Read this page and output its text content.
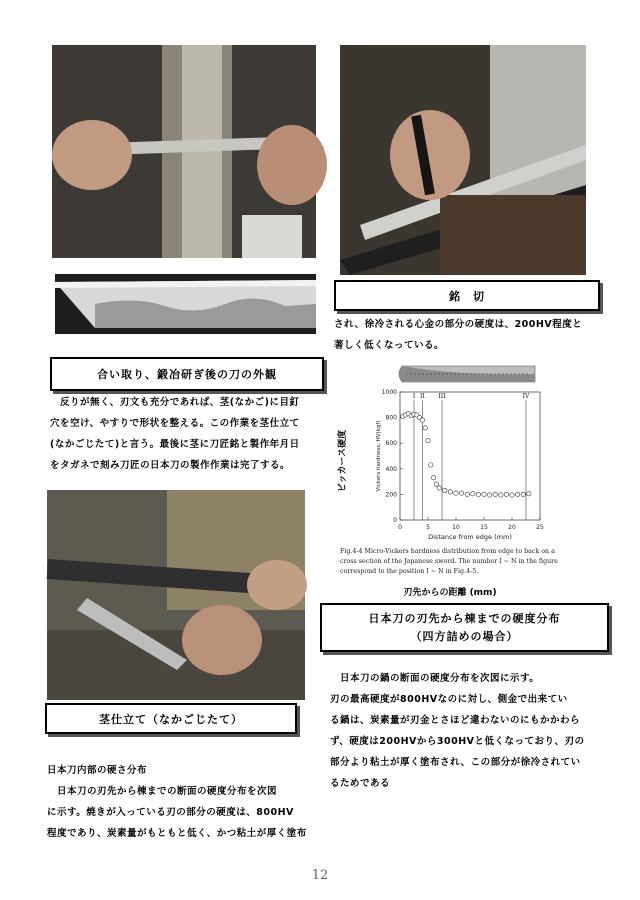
合い取り、鍛冶研ぎ後の刀の外観
　反りが無く、刃文も充分であれば、茎(なかご)に目釘
穴を空け、やすりで形状を整える。この作業を茎仕立て
(なかごじたて)と言う。最後に茎に刀匠銘と製作年月日
をタガネで刻み刀匠の日本刀の製作作業は完了する。
茎仕立て（なかごじたて）
日本刀内部の硬さ分布
　日本刀の刃先から棟までの断面の硬度分布を次図
に示す。焼きが入っている刃の部分の硬度は、800HV
程度であり、炭素量がもともと低く、かつ粘土が厚く塗布
銘　切
され、徐冷される心金の部分の硬度は、200HV程度と
著しく低くなっている。
0	5	10	15	20	25
0
200
400
600
800
1000
I II III	IV
Distance from edge (mm)
Vickers hardness, HV(kgf)
ビッカース硬度
Fig.4-4 Micro-Vickers hardness distribution from edge to back on a
cross section of the Japanese sword. The number I ~ N in the figure
correspond to the position I ~ N in Fig.4-5.
刃先からの距離 (mm)
日本刀の刃先から棟までの硬度分布
（四方詰めの場合）
　日本刀の鍋の断面の硬度分布を次図に示す。
刃の最高硬度が800HVなのに対し、側金で出来てい
る鍋は、炭素量が刃金とさほど違わないのにもかかわら
ず、硬度は200HVから300HVと低くなっており、刃の
部分より粘土が厚く塗布され、この部分が徐冷されてい
るためである
12
